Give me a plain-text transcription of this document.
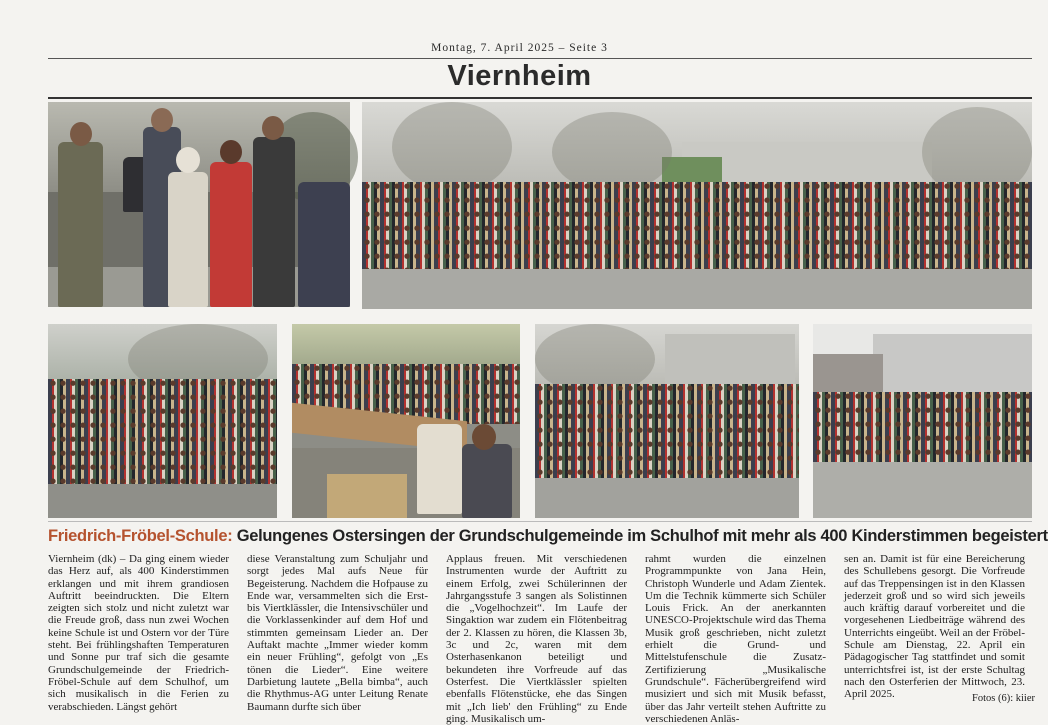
Montag, 7. April 2025 – Seite 3
Viernheim
Friedrich-Fröbel-Schule: Gelungenes Ostersingen der Grundschulgemeinde im Schulhof mit mehr als 400 Kinderstimmen begeistert
Viernheim (dk) – Da ging einem wieder das Herz auf, als 400 Kinderstimmen erklangen und mit ihrem grandiosen Auftritt beeindruckten. Die Eltern zeigten sich stolz und nicht zuletzt war die Freude groß, dass nun zwei Wochen keine Schule ist und Ostern vor der Türe steht. Bei frühlingshaften Temperaturen und Sonne pur traf sich die gesamte Grundschulgemeinde der Friedrich-Fröbel-Schule auf dem Schulhof, um sich musikalisch in die Ferien zu verabschieden. Längst gehört
diese Veranstaltung zum Schuljahr und sorgt jedes Mal aufs Neue für Begeisterung. Nachdem die Hofpause zu Ende war, versammelten sich die Erst- bis Viertklässler, die Intensivschüler und die Vorklassenkinder auf dem Hof und stimmten gemeinsam Lieder an. Der Auftakt machte „Immer wieder komm ein neuer Frühling“, gefolgt von „Es tönen die Lieder“. Eine weitere Darbietung lautete „Bella bimba“, auch die Rhythmus-AG unter Leitung Renate Baumann durfte sich über
Applaus freuen. Mit verschiedenen Instrumenten wurde der Auftritt zu einem Erfolg, zwei Schülerinnen der Jahrgangsstufe 3 sangen als Solistinnen die „Vogelhochzeit“. Im Laufe der Singaktion war zudem ein Flötenbeitrag der 2. Klassen zu hören, die Klassen 3b, 3c und 2c, waren mit dem Osterhasenkanon beteiligt und bekundeten ihre Vorfreude auf das Osterfest. Die Viertklässler spielten ebenfalls Flötenstücke, ehe das Singen mit „Ich lieb' den Frühling“ zu Ende ging. Musikalisch um-
rahmt wurden die einzelnen Programmpunkte von Jana Hein, Christoph Wunderle und Adam Zientek. Um die Technik kümmerte sich Schüler Louis Frick. An der anerkannten UNESCO-Projektschule wird das Thema Musik groß geschrieben, nicht zuletzt erhielt die Grund- und Mittelstufenschule die Zusatz-Zertifizierung „Musikalische Grundschule“. Fächerübergreifend wird musiziert und sich mit Musik befasst, über das Jahr verteilt stehen Auftritte zu verschiedenen Anläs-
sen an. Damit ist für eine Bereicherung des Schullebens gesorgt. Die Vorfreude auf das Treppensingen ist in den Klassen jederzeit groß und so wird sich jeweils auch kräftig darauf vorbereitet und die vorgesehenen Liedbeiträge während des Unterrichts eingeübt. Weil an der Fröbel-Schule am Dienstag, 22. April ein Pädagogischer Tag stattfindet und somit unterrichtsfrei ist, ist der erste Schultag nach den Osterferien der Mittwoch, 23. April 2025.	Fotos (6): kiier
